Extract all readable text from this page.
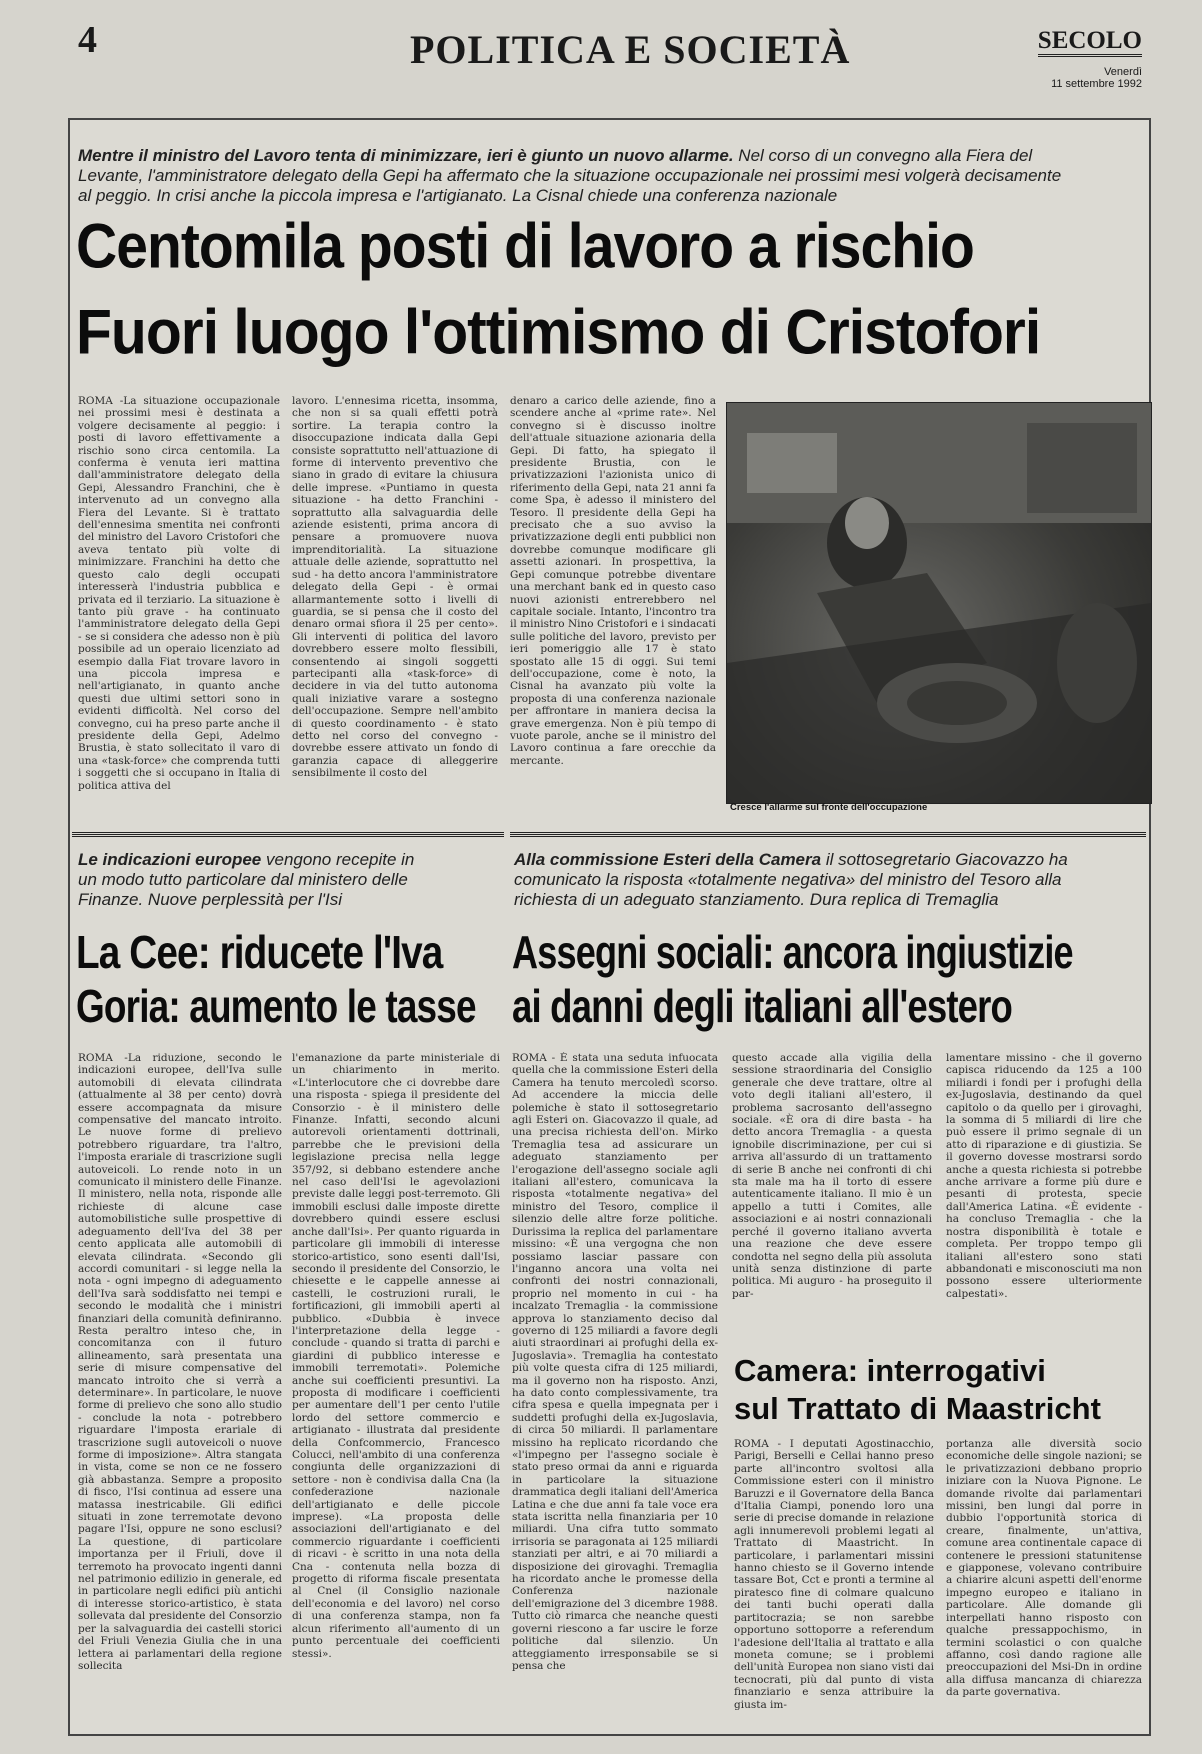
4	POLITICA E SOCIETÀ	SECOLO
Venerdì
11 settembre 1992
Mentre il ministro del Lavoro tenta di minimizzare, ieri è giunto un nuovo allarme. Nel corso di un convegno alla Fiera del Levante, l'amministratore delegato della Gepi ha affermato che la situazione occupazionale nei prossimi mesi volgerà decisamente al peggio. In crisi anche la piccola impresa e l'artigianato. La Cisnal chiede una conferenza nazionale
Centomila posti di lavoro a rischio
Fuori luogo l'ottimismo di Cristofori
ROMA -La situazione occupazionale nei prossimi mesi è destinata a volgere decisamente al peggio: i posti di lavoro effettivamente a rischio sono circa centomila. La conferma è venuta ieri mattina dall'amministratore delegato della Gepi, Alessandro Franchini, che è intervenuto ad un convegno alla Fiera del Levante. Si è trattato dell'ennesima smentita nei confronti del ministro del Lavoro Cristofori che aveva tentato più volte di minimizzare. Franchini ha detto che questo calo degli occupati interesserà l'industria pubblica e privata ed il terziario. La situazione è tanto più grave - ha continuato l'amministratore delegato della Gepi - se si considera che adesso non è più possibile ad un operaio licenziato ad esempio dalla Fiat trovare lavoro in una piccola impresa e nell'artigianato, in quanto anche questi due ultimi settori sono in evidenti difficoltà. Nel corso del convegno, cui ha preso parte anche il presidente della Gepi, Adelmo Brustia, è stato sollecitato il varo di una «task-force» che comprenda tutti i soggetti che si occupano in Italia di politica attiva del
lavoro. L'ennesima ricetta, insomma, che non si sa quali effetti potrà sortire. La terapia contro la disoccupazione indicata dalla Gepi consiste soprattutto nell'attuazione di forme di intervento preventivo che siano in grado di evitare la chiusura delle imprese. «Puntiamo in questa situazione - ha detto Franchini - soprattutto alla salvaguardia delle aziende esistenti, prima ancora di pensare a promuovere nuova imprenditorialità. La situazione attuale delle aziende, soprattutto nel sud - ha detto ancora l'amministratore delegato della Gepi - è ormai allarmantemente sotto i livelli di guardia, se si pensa che il costo del denaro ormai sfiora il 25 per cento». Gli interventi di politica del lavoro dovrebbero essere molto flessibili, consentendo ai singoli soggetti partecipanti alla «task-force» di decidere in via del tutto autonoma quali iniziative varare a sostegno dell'occupazione. Sempre nell'ambito di questo coordinamento - è stato detto nel corso del convegno - dovrebbe essere attivato un fondo di garanzia capace di alleggerire sensibilmente il costo del
denaro a carico delle aziende, fino a scendere anche al «prime rate». Nel convegno si è discusso inoltre dell'attuale situazione azionaria della Gepi. Di fatto, ha spiegato il presidente Brustia, con le privatizzazioni l'azionista unico di riferimento della Gepi, nata 21 anni fa come Spa, è adesso il ministero del Tesoro. Il presidente della Gepi ha precisato che a suo avviso la privatizzazione degli enti pubblici non dovrebbe comunque modificare gli assetti azionari. In prospettiva, la Gepi comunque potrebbe diventare una merchant bank ed in questo caso nuovi azionisti entrerebbero nel capitale sociale. Intanto, l'incontro tra il ministro Nino Cristofori e i sindacati sulle politiche del lavoro, previsto per ieri pomeriggio alle 17 è stato spostato alle 15 di oggi. Sui temi dell'occupazione, come è noto, la Cisnal ha avanzato più volte la proposta di una conferenza nazionale per affrontare in maniera decisa la grave emergenza. Non è più tempo di vuote parole, anche se il ministro del Lavoro continua a fare orecchie da mercante.
Cresce l'allarme sul fronte dell'occupazione
Le indicazioni europee vengono recepite in un modo tutto particolare dal ministero delle Finanze. Nuove perplessità per l'Isi
La Cee: riducete l'Iva
Goria: aumento le tasse
ROMA -La riduzione, secondo le indicazioni europee, dell'Iva sulle automobili di elevata cilindrata (attualmente al 38 per cento) dovrà essere accompagnata da misure compensative del mancato introito. Le nuove forme di prelievo potrebbero riguardare, tra l'altro, l'imposta erariale di trascrizione sugli autoveicoli. Lo rende noto in un comunicato il ministero delle Finanze. Il ministero, nella nota, risponde alle richieste di alcune case automobilistiche sulle prospettive di adeguamento dell'Iva del 38 per cento applicata alle automobili di elevata cilindrata. «Secondo gli accordi comunitari - si legge nella la nota - ogni impegno di adeguamento dell'Iva sarà soddisfatto nei tempi e secondo le modalità che i ministri finanziari della comunità definiranno. Resta peraltro inteso che, in concomitanza con il futuro allineamento, sarà presentata una serie di misure compensative del mancato introito che si verrà a determinare». In particolare, le nuove forme di prelievo che sono allo studio - conclude la nota - potrebbero riguardare l'imposta erariale di trascrizione sugli autoveicoli o nuove forme di imposizione». Altra stangata in vista, come se non ce ne fossero già abbastanza. Sempre a proposito di fisco, l'Isi continua ad essere una matassa inestricabile. Gli edifici situati in zone terremotate devono pagare l'Isi, oppure ne sono esclusi? La questione, di particolare importanza per il Friuli, dove il terremoto ha provocato ingenti danni nel patrimonio edilizio in generale, ed in particolare negli edifici più antichi di interesse storico-artistico, è stata sollevata dal presidente del Consorzio per la salvaguardia dei castelli storici del Friuli Venezia Giulia che in una lettera ai parlamentari della regione sollecita
l'emanazione da parte ministeriale di un chiarimento in merito. «L'interlocutore che ci dovrebbe dare una risposta - spiega il presidente del Consorzio - è il ministero delle Finanze. Infatti, secondo alcuni autorevoli orientamenti dottrinali, parrebbe che le previsioni della legislazione precisa nella legge 357/92, si debbano estendere anche nel caso dell'Isi le agevolazioni previste dalle leggi post-terremoto. Gli immobili esclusi dalle imposte dirette dovrebbero quindi essere esclusi anche dall'Isi». Per quanto riguarda in particolare gli immobili di interesse storico-artistico, sono esenti dall'Isi, secondo il presidente del Consorzio, le chiesette e le cappelle annesse ai castelli, le costruzioni rurali, le fortificazioni, gli immobili aperti al pubblico. «Dubbia è invece l'interpretazione della legge - conclude - quando si tratta di parchi e giardini di pubblico interesse e immobili terremotati». Polemiche anche sui coefficienti presuntivi. La proposta di modificare i coefficienti per aumentare dell'1 per cento l'utile lordo del settore commercio e artigianato - illustrata dal presidente della Confcommercio, Francesco Colucci, nell'ambito di una conferenza congiunta delle organizzazioni di settore - non è condivisa dalla Cna (la confederazione nazionale dell'artigianato e delle piccole imprese). «La proposta delle associazioni dell'artigianato e del commercio riguardante i coefficienti di ricavi - è scritto in una nota della Cna - contenuta nella bozza di progetto di riforma fiscale presentata al Cnel (il Consiglio nazionale dell'economia e del lavoro) nel corso di una conferenza stampa, non fa alcun riferimento all'aumento di un punto percentuale dei coefficienti stessi».
Alla commissione Esteri della Camera il sottosegretario Giacovazzo ha comunicato la risposta «totalmente negativa» del ministro del Tesoro alla richiesta di un adeguato stanziamento. Dura replica di Tremaglia
Assegni sociali: ancora ingiustizie
ai danni degli italiani all'estero
ROMA - È stata una seduta infuocata quella che la commissione Esteri della Camera ha tenuto mercoledì scorso. Ad accendere la miccia delle polemiche è stato il sottosegretario agli Esteri on. Giacovazzo il quale, ad una precisa richiesta dell'on. Mirko Tremaglia tesa ad assicurare un adeguato stanziamento per l'erogazione dell'assegno sociale agli italiani all'estero, comunicava la risposta «totalmente negativa» del ministro del Tesoro, complice il silenzio delle altre forze politiche. Durissima la replica del parlamentare missino: «È una vergogna che non possiamo lasciar passare con l'inganno ancora una volta nei confronti dei nostri connazionali, proprio nel momento in cui - ha incalzato Tremaglia - la commissione approva lo stanziamento deciso dal governo di 125 miliardi a favore degli aiuti straordinari ai profughi della ex-Jugoslavia». Tremaglia ha contestato più volte questa cifra di 125 miliardi, ma il governo non ha risposto. Anzi, ha dato conto complessivamente, tra cifra spesa e quella impegnata per i suddetti profughi della ex-Jugoslavia, di circa 50 miliardi. Il parlamentare missino ha replicato ricordando che «l'impegno per l'assegno sociale è stato preso ormai da anni e riguarda in particolare la situazione drammatica degli italiani dell'America Latina e che due anni fa tale voce era stata iscritta nella finanziaria per 10 miliardi. Una cifra tutto sommato irrisoria se paragonata ai 125 miliardi stanziati per altri, e ai 70 miliardi a disposizione dei girovaghi. Tremaglia ha ricordato anche le promesse della Conferenza nazionale dell'emigrazione del 3 dicembre 1988. Tutto ciò rimarca che neanche questi governi riescono a far uscire le forze politiche dal silenzio. Un atteggiamento irresponsabile se si pensa che
questo accade alla vigilia della sessione straordinaria del Consiglio generale che deve trattare, oltre al voto degli italiani all'estero, il problema sacrosanto dell'assegno sociale. «È ora di dire basta - ha detto ancora Tremaglia - a questa ignobile discriminazione, per cui si arriva all'assurdo di un trattamento di serie B anche nei confronti di chi sta male ma ha il torto di essere autenticamente italiano. Il mio è un appello a tutti i Comites, alle associazioni e ai nostri connazionali perché il governo italiano avverta una reazione che deve essere condotta nel segno della più assoluta unità senza distinzione di parte politica. Mi auguro - ha proseguito il par-
lamentare missino - che il governo capisca riducendo da 125 a 100 miliardi i fondi per i profughi della ex-Jugoslavia, destinando da quel capitolo o da quello per i girovaghi, la somma di 5 miliardi di lire che può essere il primo segnale di un atto di riparazione e di giustizia. Se il governo dovesse mostrarsi sordo anche a questa richiesta si potrebbe anche arrivare a forme più dure e pesanti di protesta, specie dall'America Latina. «È evidente - ha concluso Tremaglia - che la nostra disponibilità è totale e completa. Per troppo tempo gli italiani all'estero sono stati abbandonati e misconosciuti ma non possono essere ulteriormente calpestati».
Camera: interrogativi
sul Trattato di Maastricht
ROMA - I deputati Agostinacchio, Parigi, Berselli e Cellai hanno preso parte all'incontro svoltosi alla Commissione esteri con il ministro Baruzzi e il Governatore della Banca d'Italia Ciampi, ponendo loro una serie di precise domande in relazione agli innumerevoli problemi legati al Trattato di Maastricht. In particolare, i parlamentari missini hanno chiesto se il Governo intende tassare Bot, Cct e pronti a termine al piratesco fine di colmare qualcuno dei tanti buchi operati dalla partitocrazia; se non sarebbe opportuno sottoporre a referendum l'adesione dell'Italia al trattato e alla moneta comune; se i problemi dell'unità Europea non siano visti dai tecnocrati, più dal punto di vista finanziario e senza attribuire la giusta im-
portanza alle diversità socio economiche delle singole nazioni; se le privatizzazioni debbano proprio iniziare con la Nuova Pignone. Le domande rivolte dai parlamentari missini, ben lungi dal porre in dubbio l'opportunità storica di creare, finalmente, un'attiva, comune area continentale capace di contenere le pressioni statunitense e giapponese, volevano contribuire a chiarire alcuni aspetti dell'enorme impegno europeo e italiano in particolare. Alle domande gli interpellati hanno risposto con qualche pressappochismo, in termini scolastici o con qualche affanno, così dando ragione alle preoccupazioni del Msi-Dn in ordine alla diffusa mancanza di chiarezza da parte governativa.
